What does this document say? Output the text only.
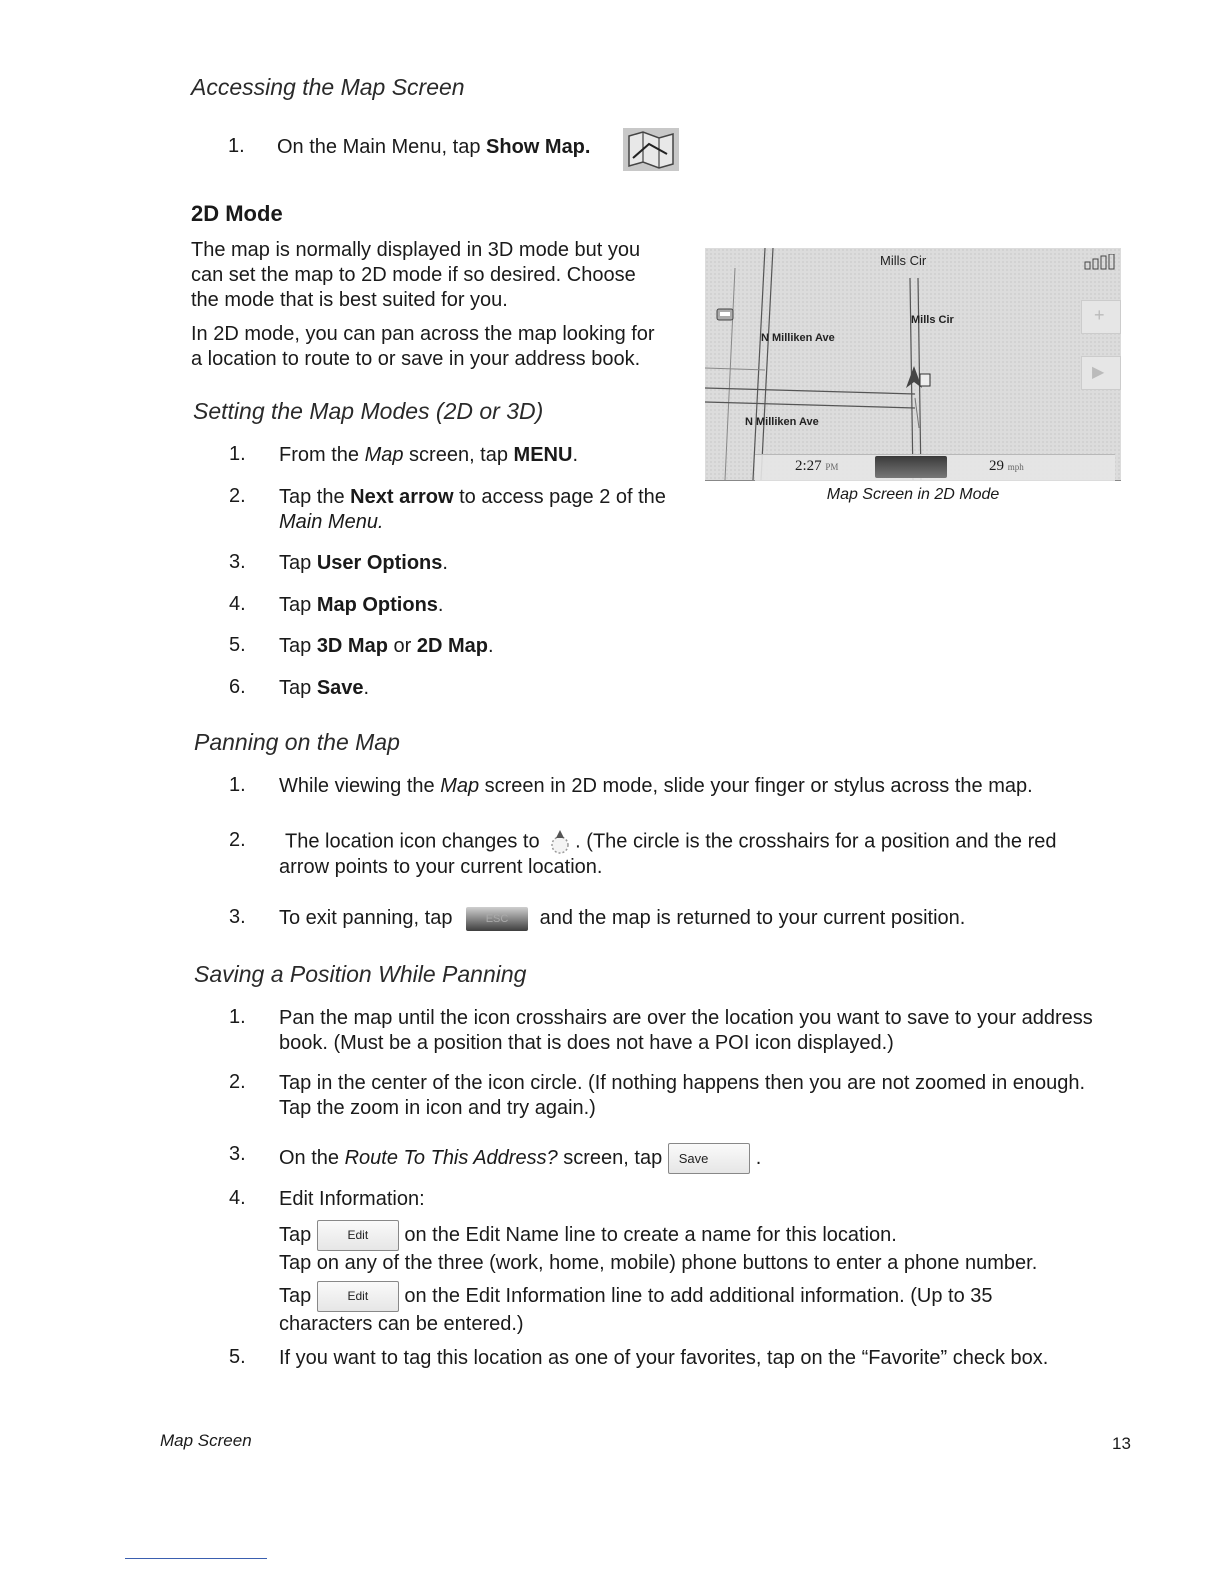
Accessing the Map Screen
1. On the Main Menu, tap Show Map.
2D Mode
The map is normally displayed in 3D mode but you
can set the map to 2D mode if so desired. Choose
the mode that is best suited for you.
In 2D mode, you can pan across the map looking for
a location to route to or save in your address book.
Mills Cir
Mills Cir
N Milliken Ave
N Milliken Ave
+
▶
2:27 PM	29 mph
Map Screen in 2D Mode
Setting the Map Modes (2D or 3D)
1. From the Map screen, tap MENU.
2. Tap the Next arrow to access page 2 of the
Main Menu.
3. Tap User Options.
4. Tap Map Options.
5. Tap 3D Map or 2D Map.
6. Tap Save.
Panning on the Map
1. While viewing the Map screen in 2D mode, slide your finger or stylus across the map.
2. The location icon changes to . (The circle is the crosshairs for a position and the red
arrow points to your current location.
3. To exit panning, tap	ESC and the map is returned to your current position.
Saving a Position While Panning
1. Pan the map until the icon crosshairs are over the location you want to save to your address
book. (Must be a position that is does not have a POI icon displayed.)
2. Tap in the center of the icon circle. (If nothing happens then you are not zoomed in enough.
Tap the zoom in icon and try again.)
3. On the Route To This Address? screen, tap Save .
4. Edit Information:
Tap	Edit on the Edit Name line to create a name for this location.
Tap on any of the three (work, home, mobile) phone buttons to enter a phone number.
Tap	Edit on the Edit Information line to add additional information. (Up to 35
characters can be entered.)
5. If you want to tag this location as one of your favorites, tap on the “Favorite” check box.
Map Screen	13
